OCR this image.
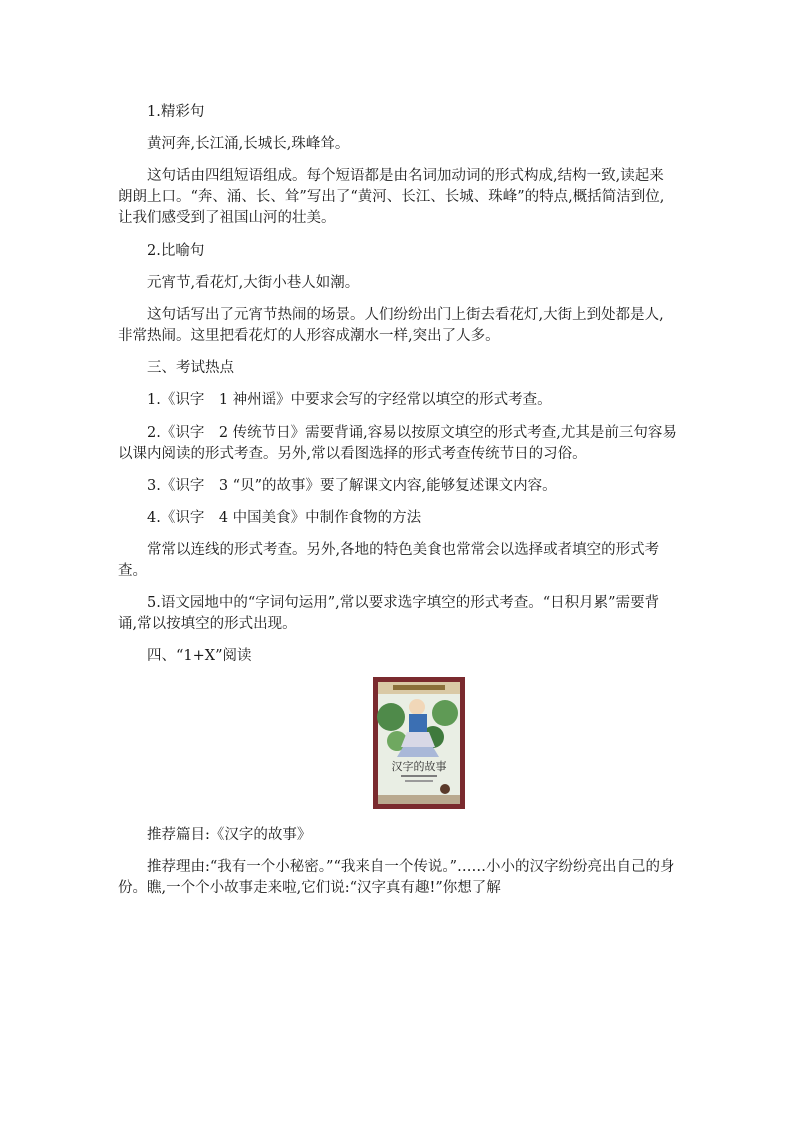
1.精彩句

黄河奔,长江涌,长城长,珠峰耸。

这句话由四组短语组成。每个短语都是由名词加动词的形式构成,结构一致,读起来朗朗上口。“奔、涌、长、耸”写出了“黄河、长江、长城、珠峰”的特点,概括简洁到位,让我们感受到了祖国山河的壮美。

2.比喻句

元宵节,看花灯,大街小巷人如潮。

这句话写出了元宵节热闹的场景。人们纷纷出门上街去看花灯,大街上到处都是人,非常热闹。这里把看花灯的人形容成潮水一样,突出了人多。

三、考试热点

1.《识字　1 神州谣》中要求会写的字经常以填空的形式考查。

2.《识字　2 传统节日》需要背诵,容易以按原文填空的形式考查,尤其是前三句容易以课内阅读的形式考查。另外,常以看图选择的形式考查传统节日的习俗。

3.《识字　3 “贝”的故事》要了解课文内容,能够复述课文内容。

4.《识字　4 中国美食》中制作食物的方法

常常以连线的形式考查。另外,各地的特色美食也常常会以选择或者填空的形式考查。

5.语文园地中的“字词句运用”,常以要求选字填空的形式考查。“日积月累”需要背诵,常以按填空的形式出现。

四、“1+X”阅读

汉字的故事

推荐篇目:《汉字的故事》

推荐理由:“我有一个小秘密。”“我来自一个传说。”……小小的汉字纷纷亮出自己的身份。瞧,一个个小故事走来啦,它们说:“汉字真有趣!”你想了解
